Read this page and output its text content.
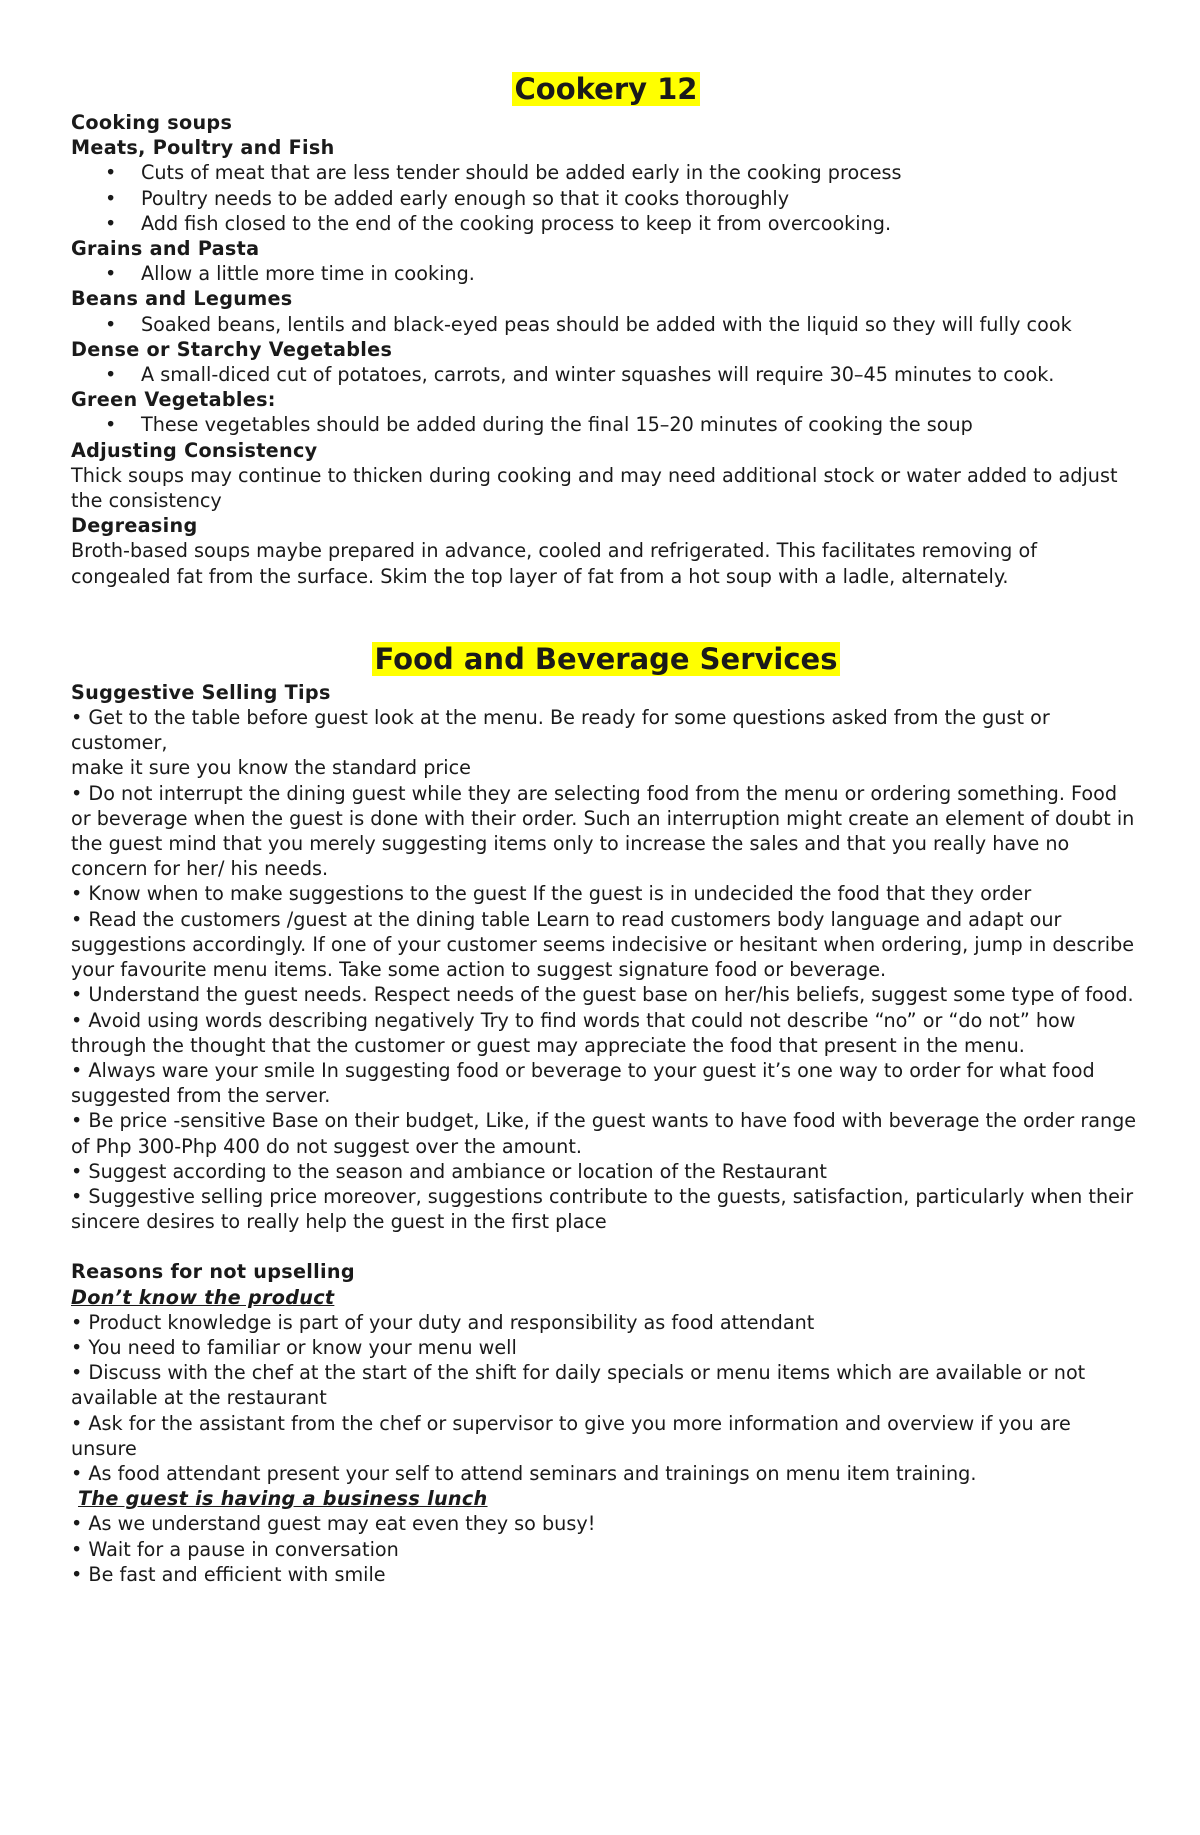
Cookery 12

Cooking soups

Meats, Poultry and Fish

• Cuts of meat that are less tender should be added early in the cooking process
• Poultry needs to be added early enough so that it cooks thoroughly
• Add fish closed to the end of the cooking process to keep it from overcooking.

Grains and Pasta

• Allow a little more time in cooking.

Beans and Legumes

• Soaked beans, lentils and black-eyed peas should be added with the liquid so they will fully cook

Dense or Starchy Vegetables

• A small-diced cut of potatoes, carrots, and winter squashes will require 30–45 minutes to cook.

Green Vegetables:

• These vegetables should be added during the final 15–20 minutes of cooking the soup

Adjusting Consistency

Thick soups may continue to thicken during cooking and may need additional stock or water added to adjust the consistency

Degreasing

Broth-based soups maybe prepared in advance, cooled and refrigerated. This facilitates removing of congealed fat from the surface. Skim the top layer of fat from a hot soup with a ladle, alternately.

Food and Beverage Services

Suggestive Selling Tips

• Get to the table before guest look at the menu. Be ready for some questions asked from the gust or customer,

make it sure you know the standard price

• Do not interrupt the dining guest while they are selecting food from the menu or ordering something. Food or beverage when the guest is done with their order. Such an interruption might create an element of doubt in the guest mind that you merely suggesting items only to increase the sales and that you really have no concern for her/ his needs.

• Know when to make suggestions to the guest If the guest is in undecided the food that they order

• Read the customers /guest at the dining table Learn to read customers body language and adapt our suggestions accordingly. If one of your customer seems indecisive or hesitant when ordering, jump in describe your favourite menu items. Take some action to suggest signature food or beverage.

• Understand the guest needs. Respect needs of the guest base on her/his beliefs, suggest some type of food.

• Avoid using words describing negatively Try to find words that could not describe “no” or “do not” how through the thought that the customer or guest may appreciate the food that present in the menu.

• Always ware your smile In suggesting food or beverage to your guest it’s one way to order for what food suggested from the server.

• Be price -sensitive Base on their budget, Like, if the guest wants to have food with beverage the order range of Php 300-Php 400 do not suggest over the amount.

• Suggest according to the season and ambiance or location of the Restaurant

• Suggestive selling price moreover, suggestions contribute to the guests, satisfaction, particularly when their sincere desires to really help the guest in the first place

Reasons for not upselling

Don’t know the product

• Product knowledge is part of your duty and responsibility as food attendant

• You need to familiar or know your menu well

• Discuss with the chef at the start of the shift for daily specials or menu items which are available or not available at the restaurant

• Ask for the assistant from the chef or supervisor to give you more information and overview if you are unsure

• As food attendant present your self to attend seminars and trainings on menu item training.

The guest is having a business lunch

• As we understand guest may eat even they so busy!

• Wait for a pause in conversation

• Be fast and efficient with smile
